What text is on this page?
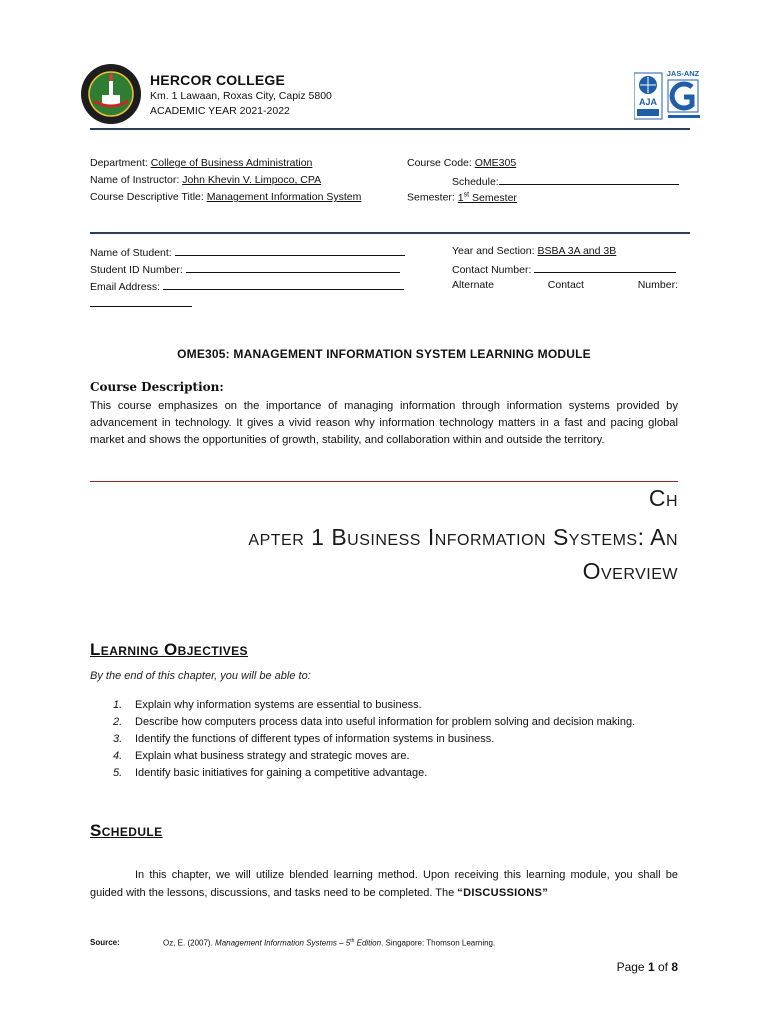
HERCOR COLLEGE
Km. 1 Lawaan, Roxas City, Capiz 5800
ACADEMIC YEAR 2021-2022
AJA
JAS-ANZ
Department: College of Business Administration
Name of Instructor: John Khevin V. Limpoco, CPA
Course Descriptive Title: Management Information System
Course Code: OME305
Schedule:
Semester: 1st Semester
Name of Student:
Student ID Number:
Email Address:
Year and Section: BSBA 3A and 3B
Contact Number:
Alternate	Contact	Number:
OME305: MANAGEMENT INFORMATION SYSTEM LEARNING MODULE
Course Description:
This course emphasizes on the importance of managing information through information systems provided by advancement in technology. It gives a vivid reason why information technology matters in a fast and pacing global market and shows the opportunities of growth, stability, and collaboration within and outside the territory.
Ch
apter 1 Business Information Systems: An
Overview
Learning Objectives
By the end of this chapter, you will be able to:
1. Explain why information systems are essential to business.
2. Describe how computers process data into useful information for problem solving and decision making.
3. Identify the functions of different types of information systems in business.
4. Explain what business strategy and strategic moves are.
5. Identify basic initiatives for gaining a competitive advantage.
Schedule
In this chapter, we will utilize blended learning method. Upon receiving this learning module, you shall be guided with the lessons, discussions, and tasks need to be completed. The “DISCUSSIONS”
Source:	Oz, E. (2007). Management Information Systems – 5th Edition. Singapore: Thomson Learning.
Page 1 of 8
